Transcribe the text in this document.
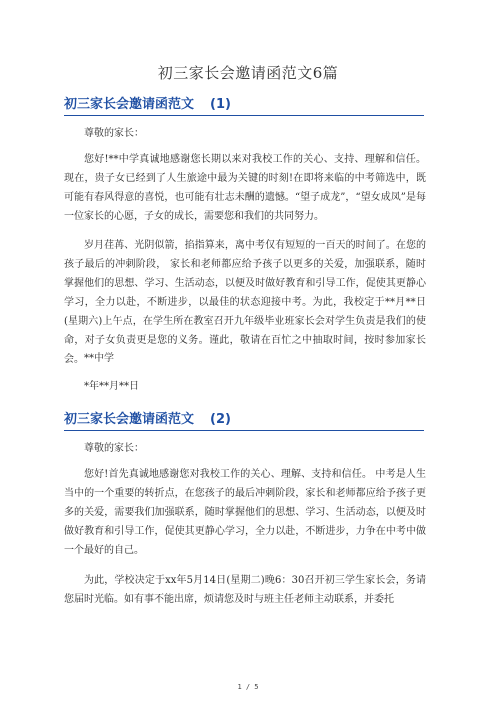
初三家长会邀请函范文6篇
初三家长会邀请函范文 (1)

尊敬的家长：

您好!**中学真诚地感谢您长期以来对我校工作的关心、支持、理解和信任。现在，贵子女已经到了人生旅途中最为关键的时刻!在即将来临的中考筛选中，既可能有春风得意的喜悦，也可能有壮志未酬的遗憾。“望子成龙”，“望女成凤”是每一位家长的心愿，子女的成长，需要您和我们的共同努力。

岁月荏苒、光阴似箭，掐指算来，离中考仅有短短的一百天的时间了。在您的孩子最后的冲刺阶段， 家长和老师都应给予孩子以更多的关爱，加强联系，随时掌握他们的思想、学习、生活动态，以便及时做好教育和引导工作，促使其更静心学习，全力以赴，不断进步，以最佳的状态迎接中考。为此，我校定于**月**日(星期六)上午点，在学生所在教室召开九年级毕业班家长会对学生负责是我们的使命，对子女负责更是您的义务。谨此，敬请在百忙之中抽取时间，按时参加家长会。 **中学

*年**月**日

初三家长会邀请函范文 (2)

尊敬的家长：

您好!首先真诚地感谢您对我校工作的关心、理解、支持和信任。 中考是人生当中的一个重要的转折点，在您孩子的最后冲刺阶段，家长和老师都应给予孩子更多的关爱，需要我们加强联系，随时掌握他们的思想、学习、生活动态，以便及时做好教育和引导工作，促使其更静心学习，全力以赴，不断进步，力争在中考中做一个最好的自己。

为此，学校决定于xx年5月14日(星期二)晚6：30召开初三学生家长会，务请您届时光临。如有事不能出席，烦请您及时与班主任老师主动联系，并委托

1 / 5
